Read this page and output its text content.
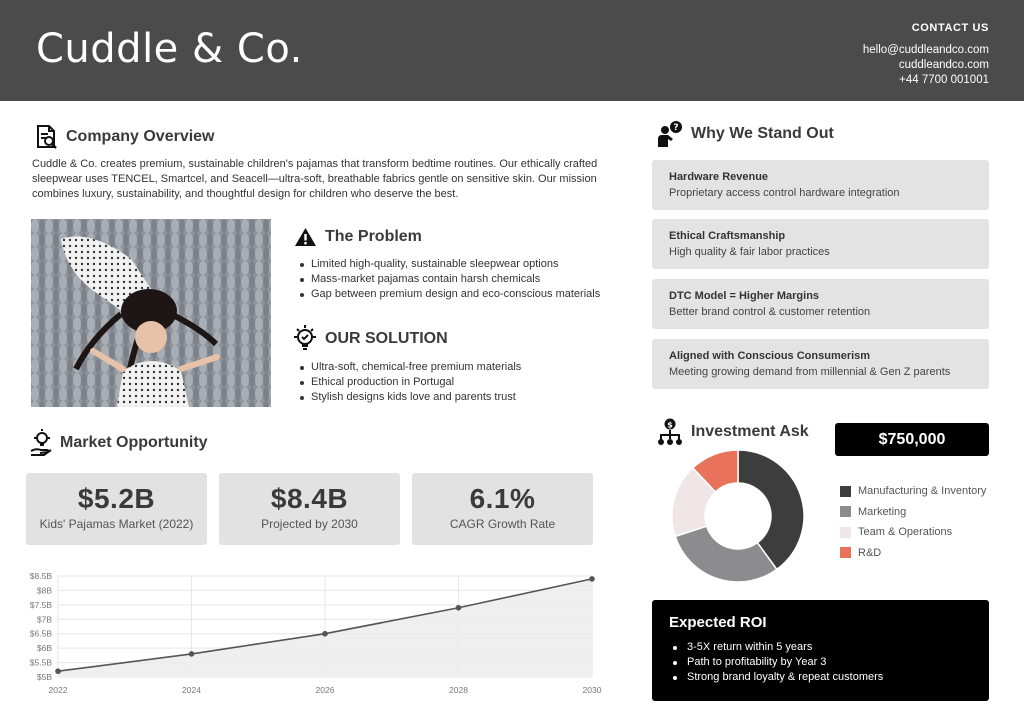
Cuddle & Co.	CONTACT US
hello@cuddleandco.com
cuddleandco.com
+44 7700 001001
Company Overview
Cuddle & Co. creates premium, sustainable children's pajamas that transform bedtime routines. Our ethically crafted sleepwear uses TENCEL, Smartcel, and Seacell—ultra-soft, breathable fabrics gentle on sensitive skin. Our mission combines luxury, sustainability, and thoughtful design for children who deserve the best.
The Problem
Limited high-quality, sustainable sleepwear options
Mass-market pajamas contain harsh chemicals
Gap between premium design and eco-conscious materials
OUR SOLUTION
Ultra-soft, chemical-free premium materials
Ethical production in Portugal
Stylish designs kids love and parents trust
Market Opportunity
$5.2B
Kids' Pajamas Market (2022)
$8.4B
Projected by 2030
6.1%
CAGR Growth Rate
$5B
$5.5B
$6B
$6.5B
$7B
$7.5B
$8B
$8.5B
2022	2024	2026	2028	2030
? Why We Stand Out
Hardware Revenue
Proprietary access control hardware integration
Ethical Craftsmanship
High quality & fair labor practices
DTC Model = Higher Margins
Better brand control & customer retention
Aligned with Conscious Consumerism
Meeting growing demand from millennial & Gen Z parents
$ Investment Ask	$750,000
Manufacturing & Inventory
Marketing
Team & Operations
R&D
Expected ROI
3-5X return within 5 years
Path to profitability by Year 3
Strong brand loyalty & repeat customers
